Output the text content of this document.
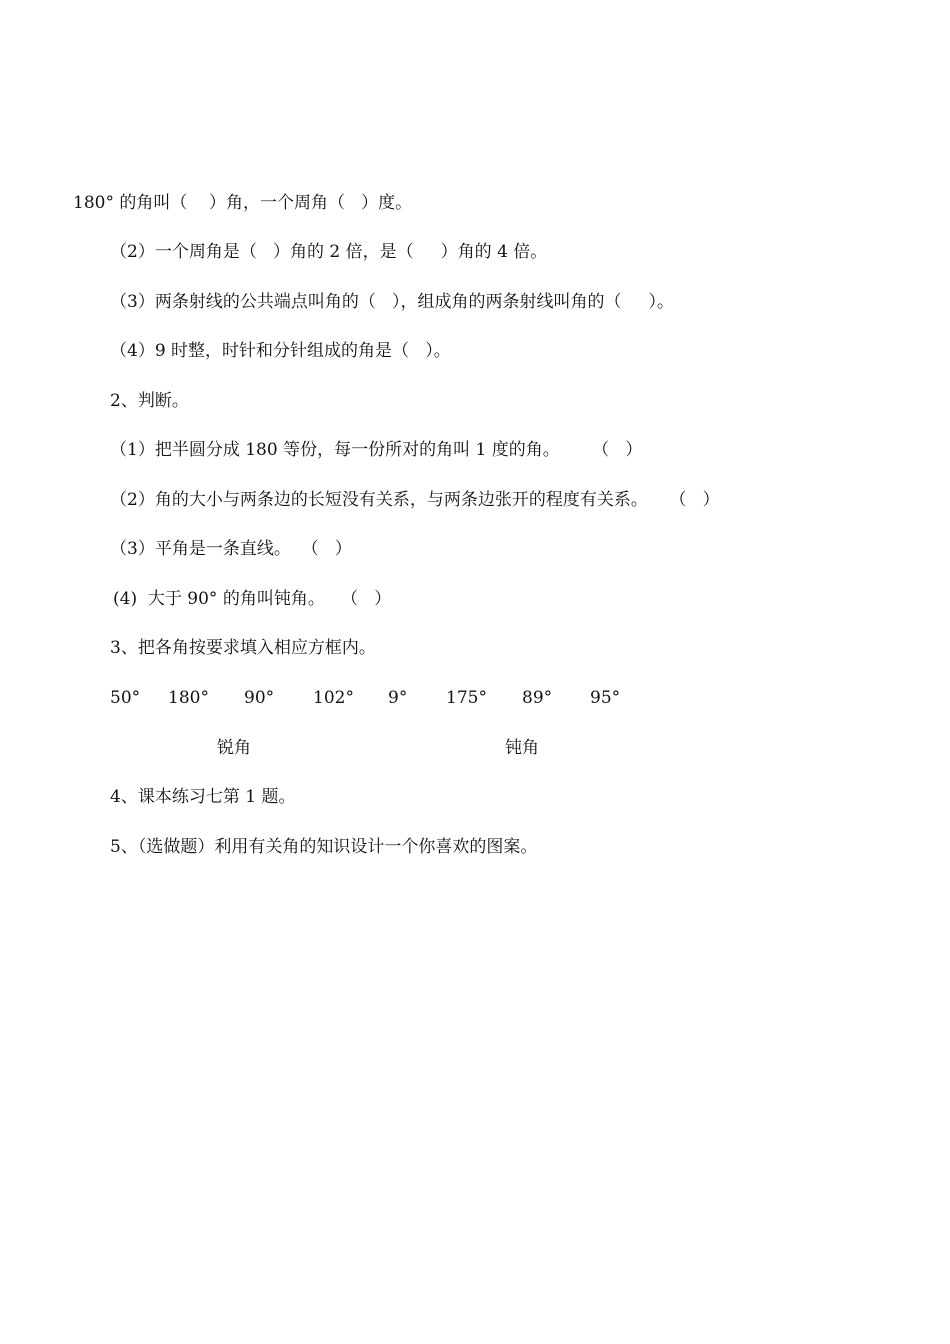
180° 的角叫（    ）角，一个周角（   ）度。
（2）一个周角是（   ）角的 2 倍，是（     ）角的 4 倍。
（3）两条射线的公共端点叫角的（   ），组成角的两条射线叫角的（     ）。
（4）9 时整，时针和分针组成的角是（   ）。
2、判断。
（1）把半圆分成 180 等份，每一份所对的角叫 1 度的角。      （   ）
（2）角的大小与两条边的长短没有关系，与两条边张开的程度有关系。    （   ）
（3）平角是一条直线。  （   ）
(4)  大于 90° 的角叫钝角。   （   ）
3、把各角按要求填入相应方框内。
50° 180° 90° 102° 9° 175° 89° 95°
锐角	钝角
4、课本练习七第 1 题。
5、（选做题）利用有关角的知识设计一个你喜欢的图案。
